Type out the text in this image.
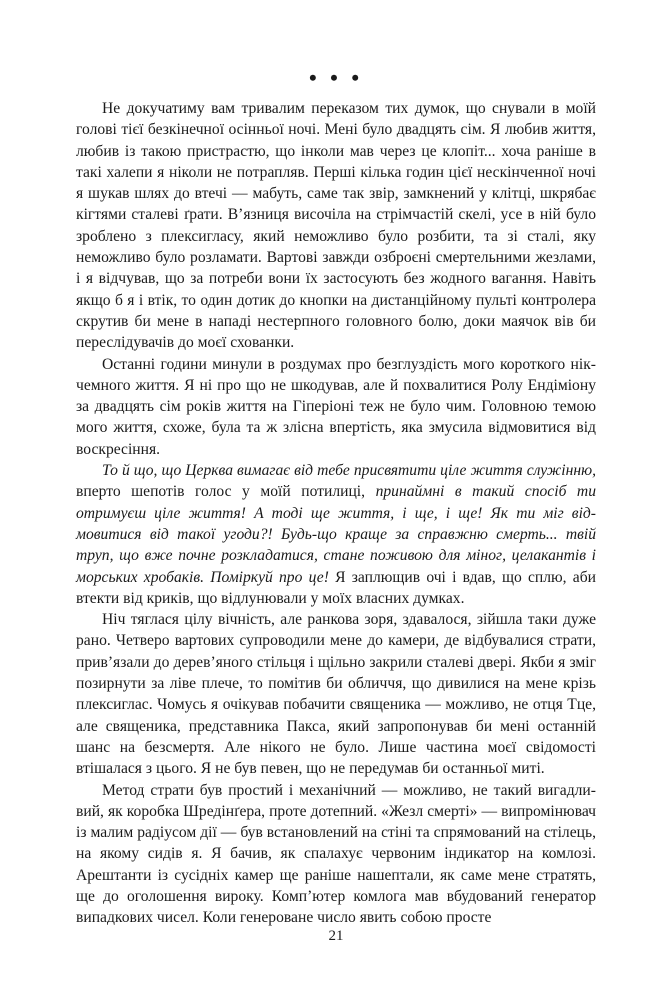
• • •

Не докучатиму вам тривалим переказом тих думок, що снували в моїй голові тієї безкінечної осінньої ночі. Мені було двадцять сім. Я любив життя, любив із такою пристрастю, що інколи мав через це клопіт... хоча раніше в такі халепи я ніколи не потрапляв. Перші кілька годин цієї нескінченної ночі я шукав шлях до втечі — мабуть, саме так звір, замкнений у клітці, шкрябає кігтями сталеві ґрати. В’язниця височіла на стрімчастій скелі, усе в ній було зроблено з плексигласу, який неможливо було розбити, та зі сталі, яку неможливо було розламати. Вартові завжди озброєні смертельними жезлами, і я відчував, що за потреби вони їх застосують без жодного вагання. Навіть якщо б я і втік, то один дотик до кнопки на дистанційному пульті контролера скрутив би мене в нападі нестерпного головного болю, доки маячок вів би переслідувачів до моєї схованки.

Останні години минули в роздумах про безглуздість мого короткого нікчемного життя. Я ні про що не шкодував, але й похвалитися Ролу Ендіміону за двадцять сім років життя на Гіперіоні теж не було чим. Головною темою мого життя, схоже, була та ж злісна впертість, яка змусила відмовитися від воскресіння.

То й що, що Церква вимагає від тебе присвятити ціле життя служінню, вперто шепотів голос у моїй потилиці, принаймні в такий спосіб ти отримуєш ціле життя! А тоді ще життя, і ще, і ще! Як ти міг відмовитися від такої угоди?! Будь-що краще за справжню смерть... твій труп, що вже почне розкладатися, стане поживою для міног, целакантів і морських хробаків. Поміркуй про це! Я заплющив очі і вдав, що сплю, аби втекти від криків, що відлунювали у моїх власних думках.

Ніч тяглася цілу вічність, але ранкова зоря, здавалося, зійшла таки дуже рано. Четверо вартових супроводили мене до камери, де відбувалися страти, прив’язали до дерев’яного стільця і щільно закрили сталеві двері. Якби я зміг позирнути за ліве плече, то помітив би обличчя, що дивилися на мене крізь плексиглас. Чомусь я очікував побачити священика — можливо, не отця Тце, але священика, представника Пакса, який запропонував би мені останній шанс на безсмертя. Але нікого не було. Лише частина моєї свідомості втішалася з цього. Я не був певен, що не передумав би останньої миті.

Метод страти був простий і механічний — можливо, не такий вигадливий, як коробка Шредінґера, проте дотепний. «Жезл смерті» — випромінювач із малим радіусом дії — був встановлений на стіні та спрямований на стілець, на якому сидів я. Я бачив, як спалахує червоним індикатор на комлозі. Арештанти із сусідніх камер ще раніше нашептали, як саме мене стратять, ще до оголошення вироку. Комп’ютер комлога мав вбудований генератор випадкових чисел. Коли генероване число явить собою просте

21
